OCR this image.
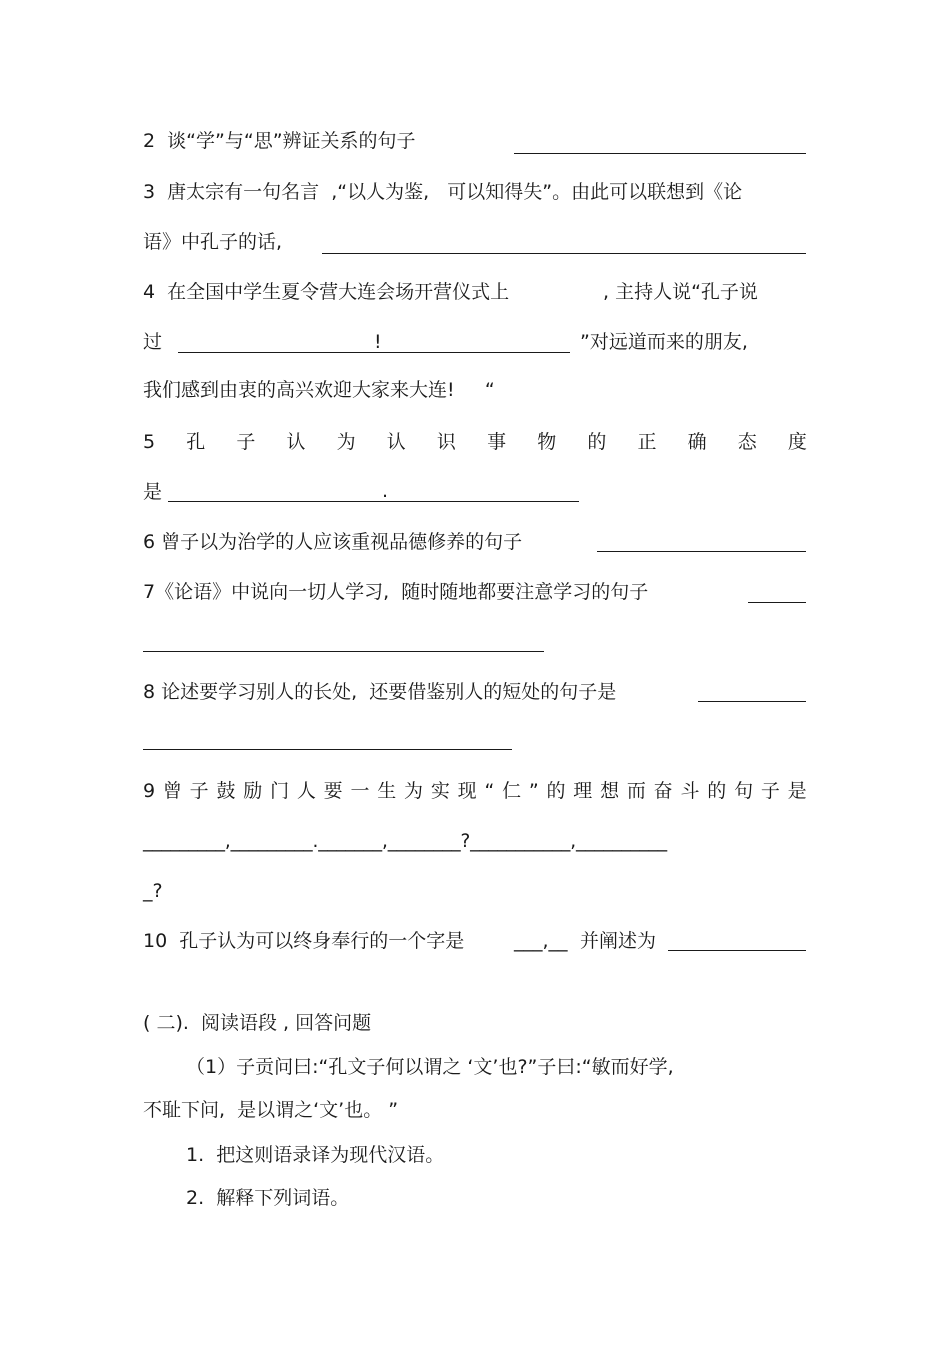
2  谈“学”与“思”辨证关系的句子
3  唐太宗有一句名言  ,“以人为鉴,   可以知得失”。由此可以联想到《论
语》中孔子的话,
4  在全国中学生夏令营大连会场开营仪式上	, 主持人说“孔子说
过	!	”对远道而来的朋友,
我们感到由衷的高兴欢迎大家来大连!     “
5 孔 子 认 为 认 识 事 物 的 正 确 态 度
是	.
6 曾子以为治学的人应该重视品德修养的句子
7《论语》中说向一切人学习,  随时随地都要注意学习的句子
8 论述要学习别人的长处,  还要借鉴别人的短处的句子是
9 曾 子 鼓 励 门 人 要 一 生 为 实 现 “ 仁 ” 的 理 想 而 奋 斗 的 句 子 是
_________,_________._______,________?___________,__________
_?
10  孔子认为可以终身奉行的一个字是	___,__ 并阐述为
( 二).  阅读语段 , 回答问题
（1）子贡问曰:“孔文子何以谓之 ‘文’也?”子曰:“敏而好学,
不耻下问,  是以谓之‘文’也。 ”
1.  把这则语录译为现代汉语。
2.  解释下列词语。
